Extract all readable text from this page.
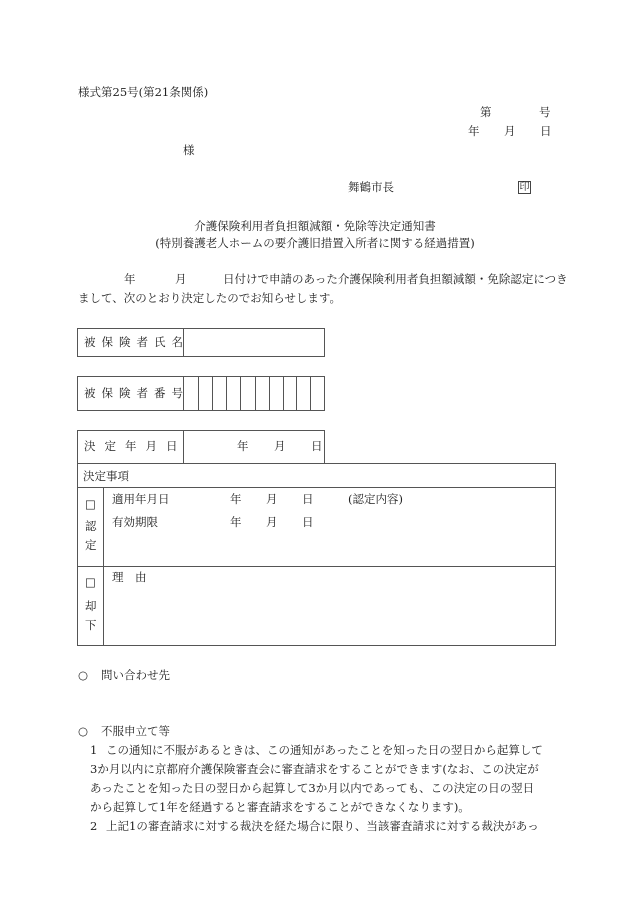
様式第25号(第21条関係)
第	号
年 月 日
様
舞鶴市長	印
介護保険利用者負担額減額・免除等決定通知書
(特別養護老人ホームの要介護旧措置入所者に関する経過措置)
年	月	日付けで申請のあった介護保険利用者負担額減額・免除認定につき
まして、次のとおり決定したのでお知らせします。
被保険者氏名
被保険者番号
決定年月日	年 月 日
決定事項
□
認
定
適用年月日	年 月 日	(認定内容)
有効期限	年 月 日
□
却
下
理　由
○ 問い合わせ先
○ 不服申立て等
1 この通知に不服があるときは、この通知があったことを知った日の翌日から起算して
3か月以内に京都府介護保険審査会に審査請求をすることができます(なお、この決定が
あったことを知った日の翌日から起算して3か月以内であっても、この決定の日の翌日
から起算して1年を経過すると審査請求をすることができなくなります)。
2 上記1の審査請求に対する裁決を経た場合に限り、当該審査請求に対する裁決があっ
